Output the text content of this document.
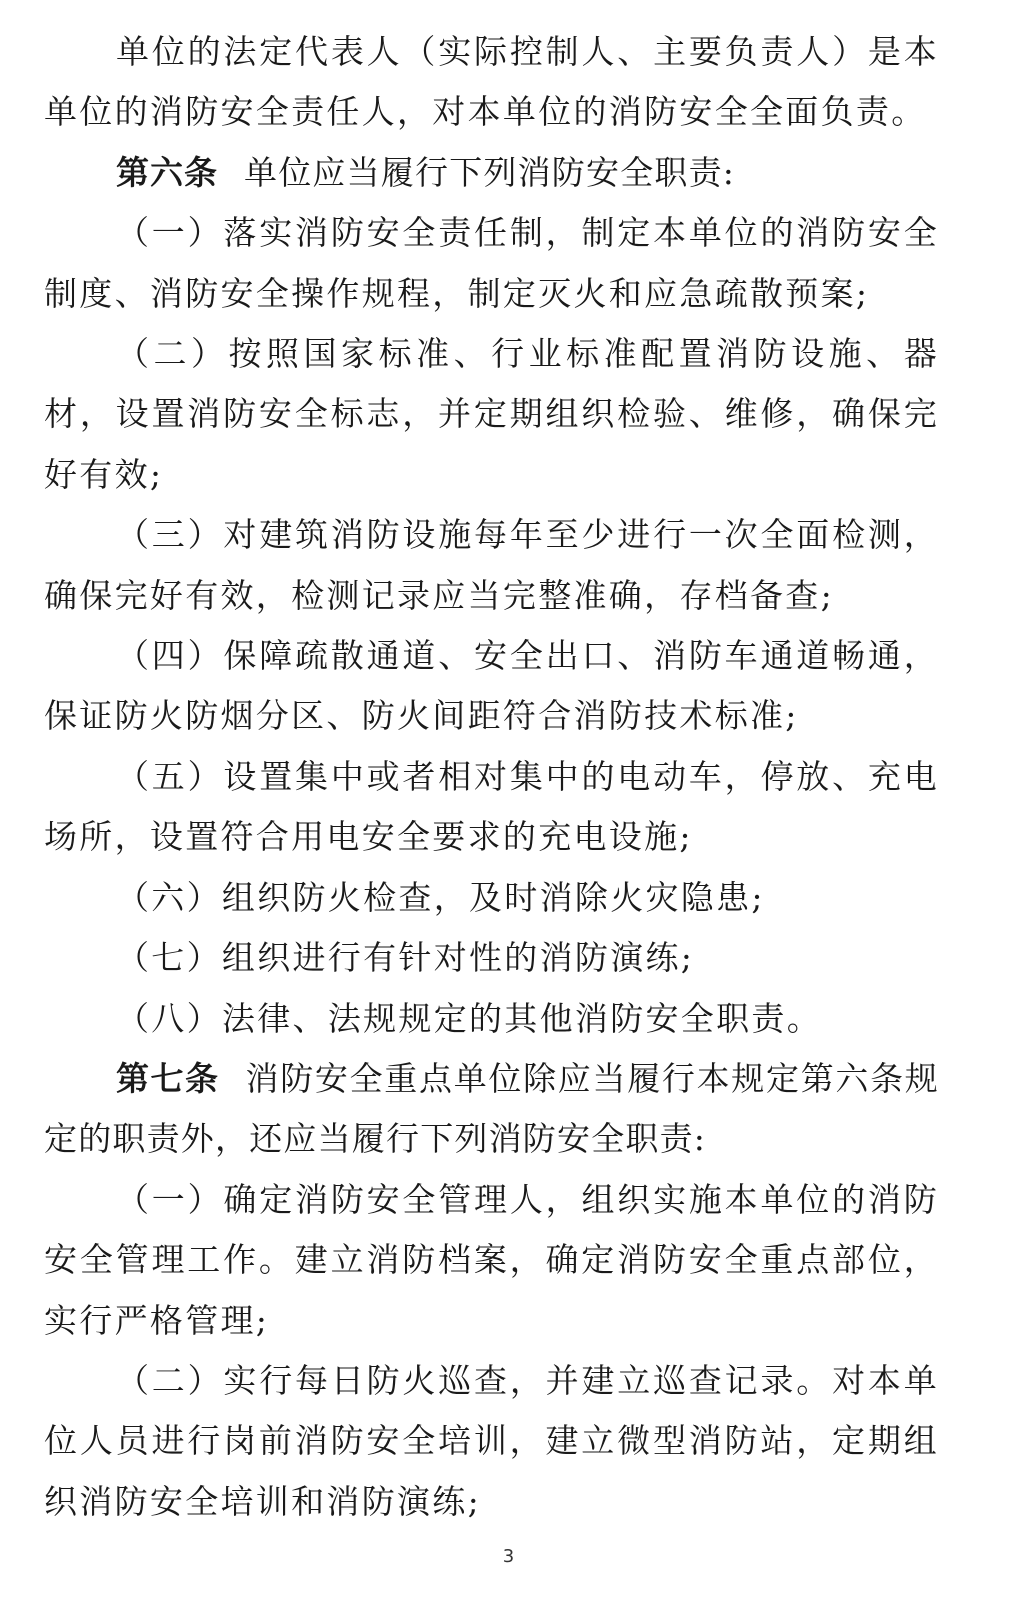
单位的法定代表人（实际控制人、主要负责人）是本单位的消防安全责任人，对本单位的消防安全全面负责。

第六条 单位应当履行下列消防安全职责:

（一）落实消防安全责任制，制定本单位的消防安全制度、消防安全操作规程，制定灭火和应急疏散预案;

（二）按照国家标准、行业标准配置消防设施、器材，设置消防安全标志，并定期组织检验、维修，确保完好有效;

（三）对建筑消防设施每年至少进行一次全面检测，确保完好有效，检测记录应当完整准确，存档备查;

（四）保障疏散通道、安全出口、消防车通道畅通，保证防火防烟分区、防火间距符合消防技术标准;

（五）设置集中或者相对集中的电动车，停放、充电场所，设置符合用电安全要求的充电设施;

（六）组织防火检查，及时消除火灾隐患;

（七）组织进行有针对性的消防演练;

（八）法律、法规规定的其他消防安全职责。

第七条 消防安全重点单位除应当履行本规定第六条规定的职责外，还应当履行下列消防安全职责:

（一）确定消防安全管理人，组织实施本单位的消防安全管理工作。建立消防档案，确定消防安全重点部位，实行严格管理;

（二）实行每日防火巡查，并建立巡查记录。对本单位人员进行岗前消防安全培训，建立微型消防站，定期组织消防安全培训和消防演练;

3
